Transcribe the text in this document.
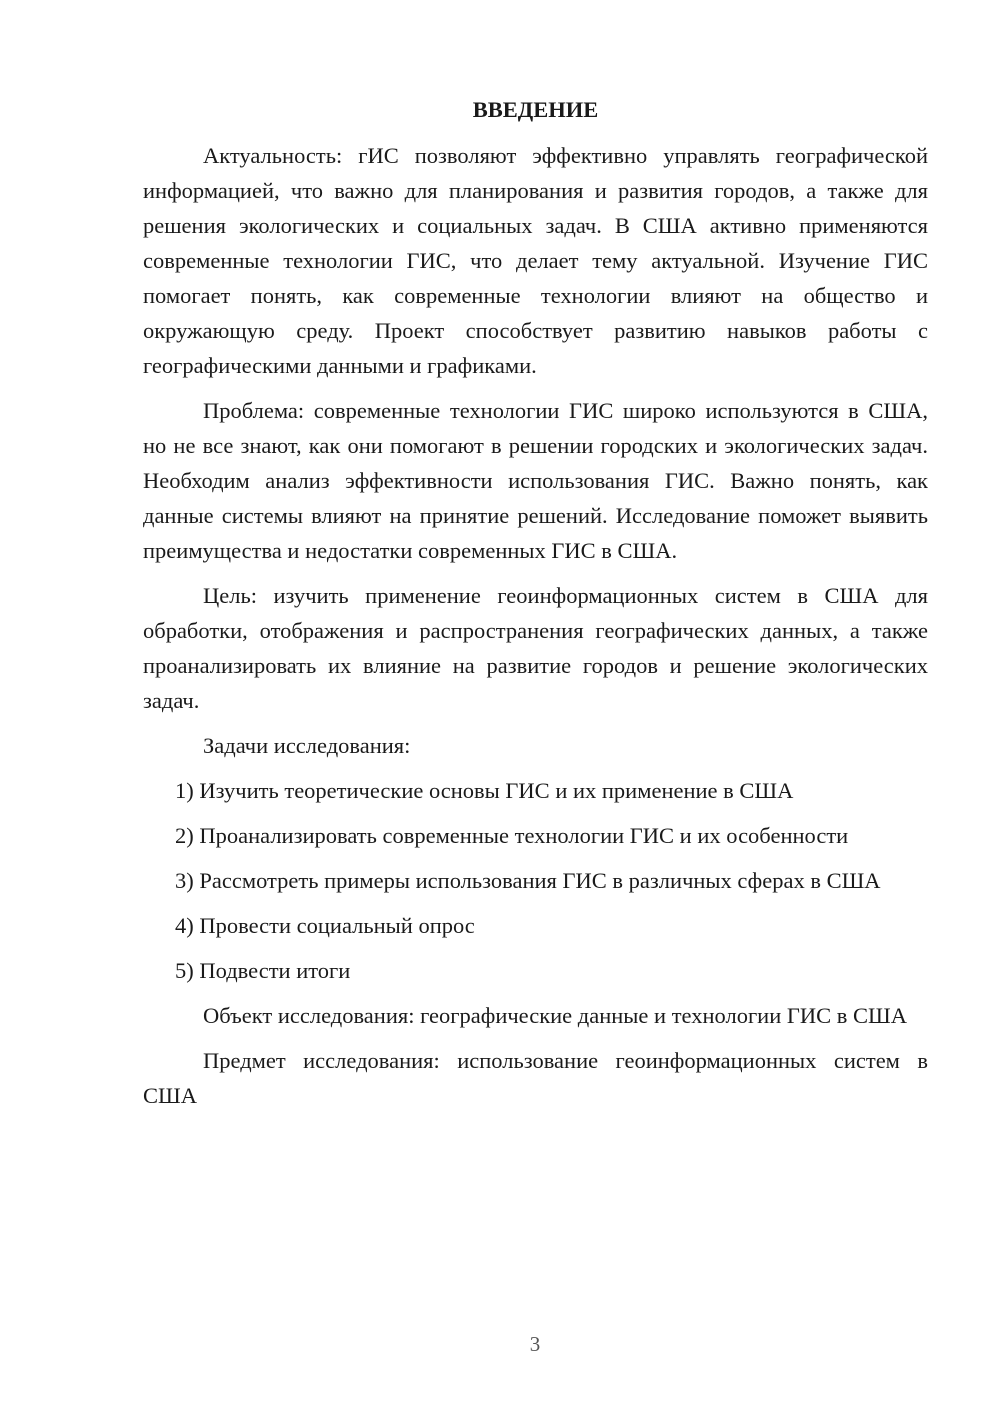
ВВЕДЕНИЕ

Актуальность: гИС позволяют эффективно управлять географической информацией, что важно для планирования и развития городов, а также для решения экологических и социальных задач. В США активно применяются современные технологии ГИС, что делает тему актуальной. Изучение ГИС помогает понять, как современные технологии влияют на общество и окружающую среду. Проект способствует развитию навыков работы с географическими данными и графиками.

Проблема: современные технологии ГИС широко используются в США, но не все знают, как они помогают в решении городских и экологических задач. Необходим анализ эффективности использования ГИС. Важно понять, как данные системы влияют на принятие решений. Исследование поможет выявить преимущества и недостатки современных ГИС в США.

Цель: изучить применение геоинформационных систем в США для обработки, отображения и распространения географических данных, а также проанализировать их влияние на развитие городов и решение экологических задач.

Задачи исследования:

1) Изучить теоретические основы ГИС и их применение в США

2) Проанализировать современные технологии ГИС и их особенности

3) Рассмотреть примеры использования ГИС в различных сферах в США

4) Провести социальный опрос

5) Подвести итоги

Объект исследования: географические данные и технологии ГИС в США

Предмет исследования: использование геоинформационных систем в США

3
